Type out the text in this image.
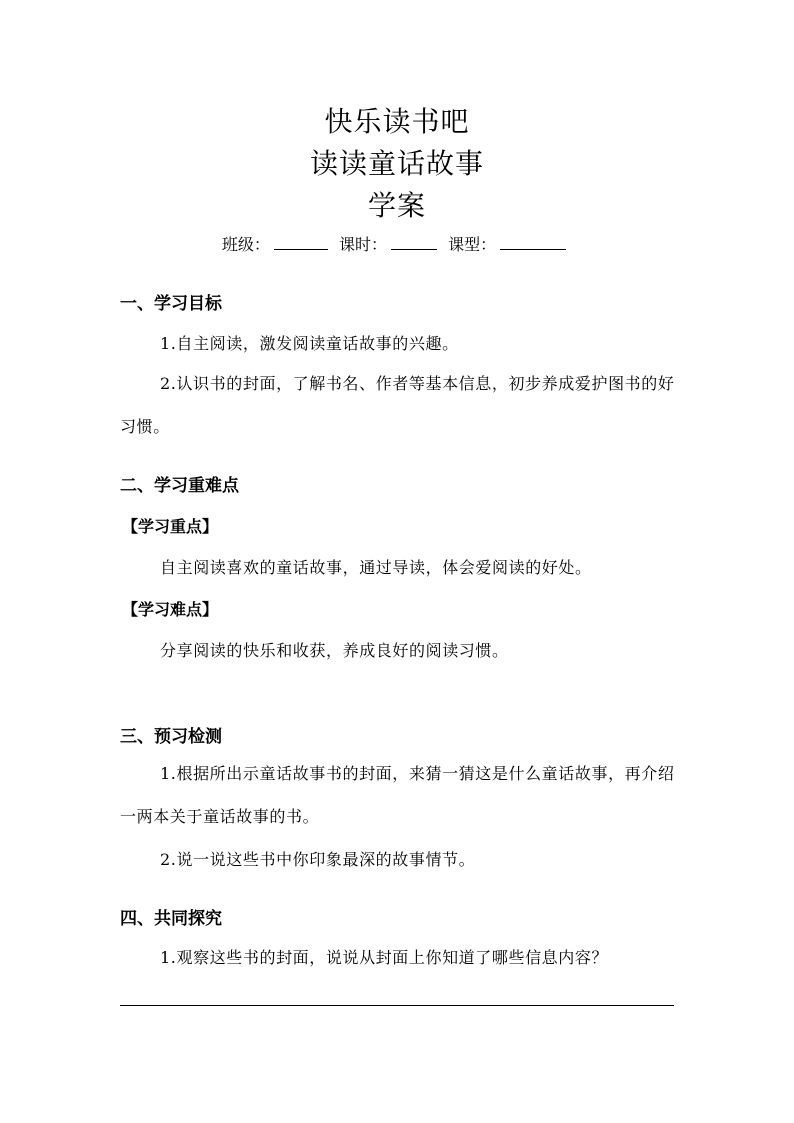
快乐读书吧
读读童话故事
学案
班级：	课时：	课型：
一、学习目标
1.自主阅读，激发阅读童话故事的兴趣。
2.认识书的封面，了解书名、作者等基本信息，初步养成爱护图书的好习惯。
二、学习重难点
【学习重点】
自主阅读喜欢的童话故事，通过导读，体会爱阅读的好处。
【学习难点】
分享阅读的快乐和收获，养成良好的阅读习惯。
三、预习检测
1.根据所出示童话故事书的封面，来猜一猜这是什么童话故事，再介绍一两本关于童话故事的书。
2.说一说这些书中你印象最深的故事情节。
四、共同探究
1.观察这些书的封面，说说从封面上你知道了哪些信息内容？
